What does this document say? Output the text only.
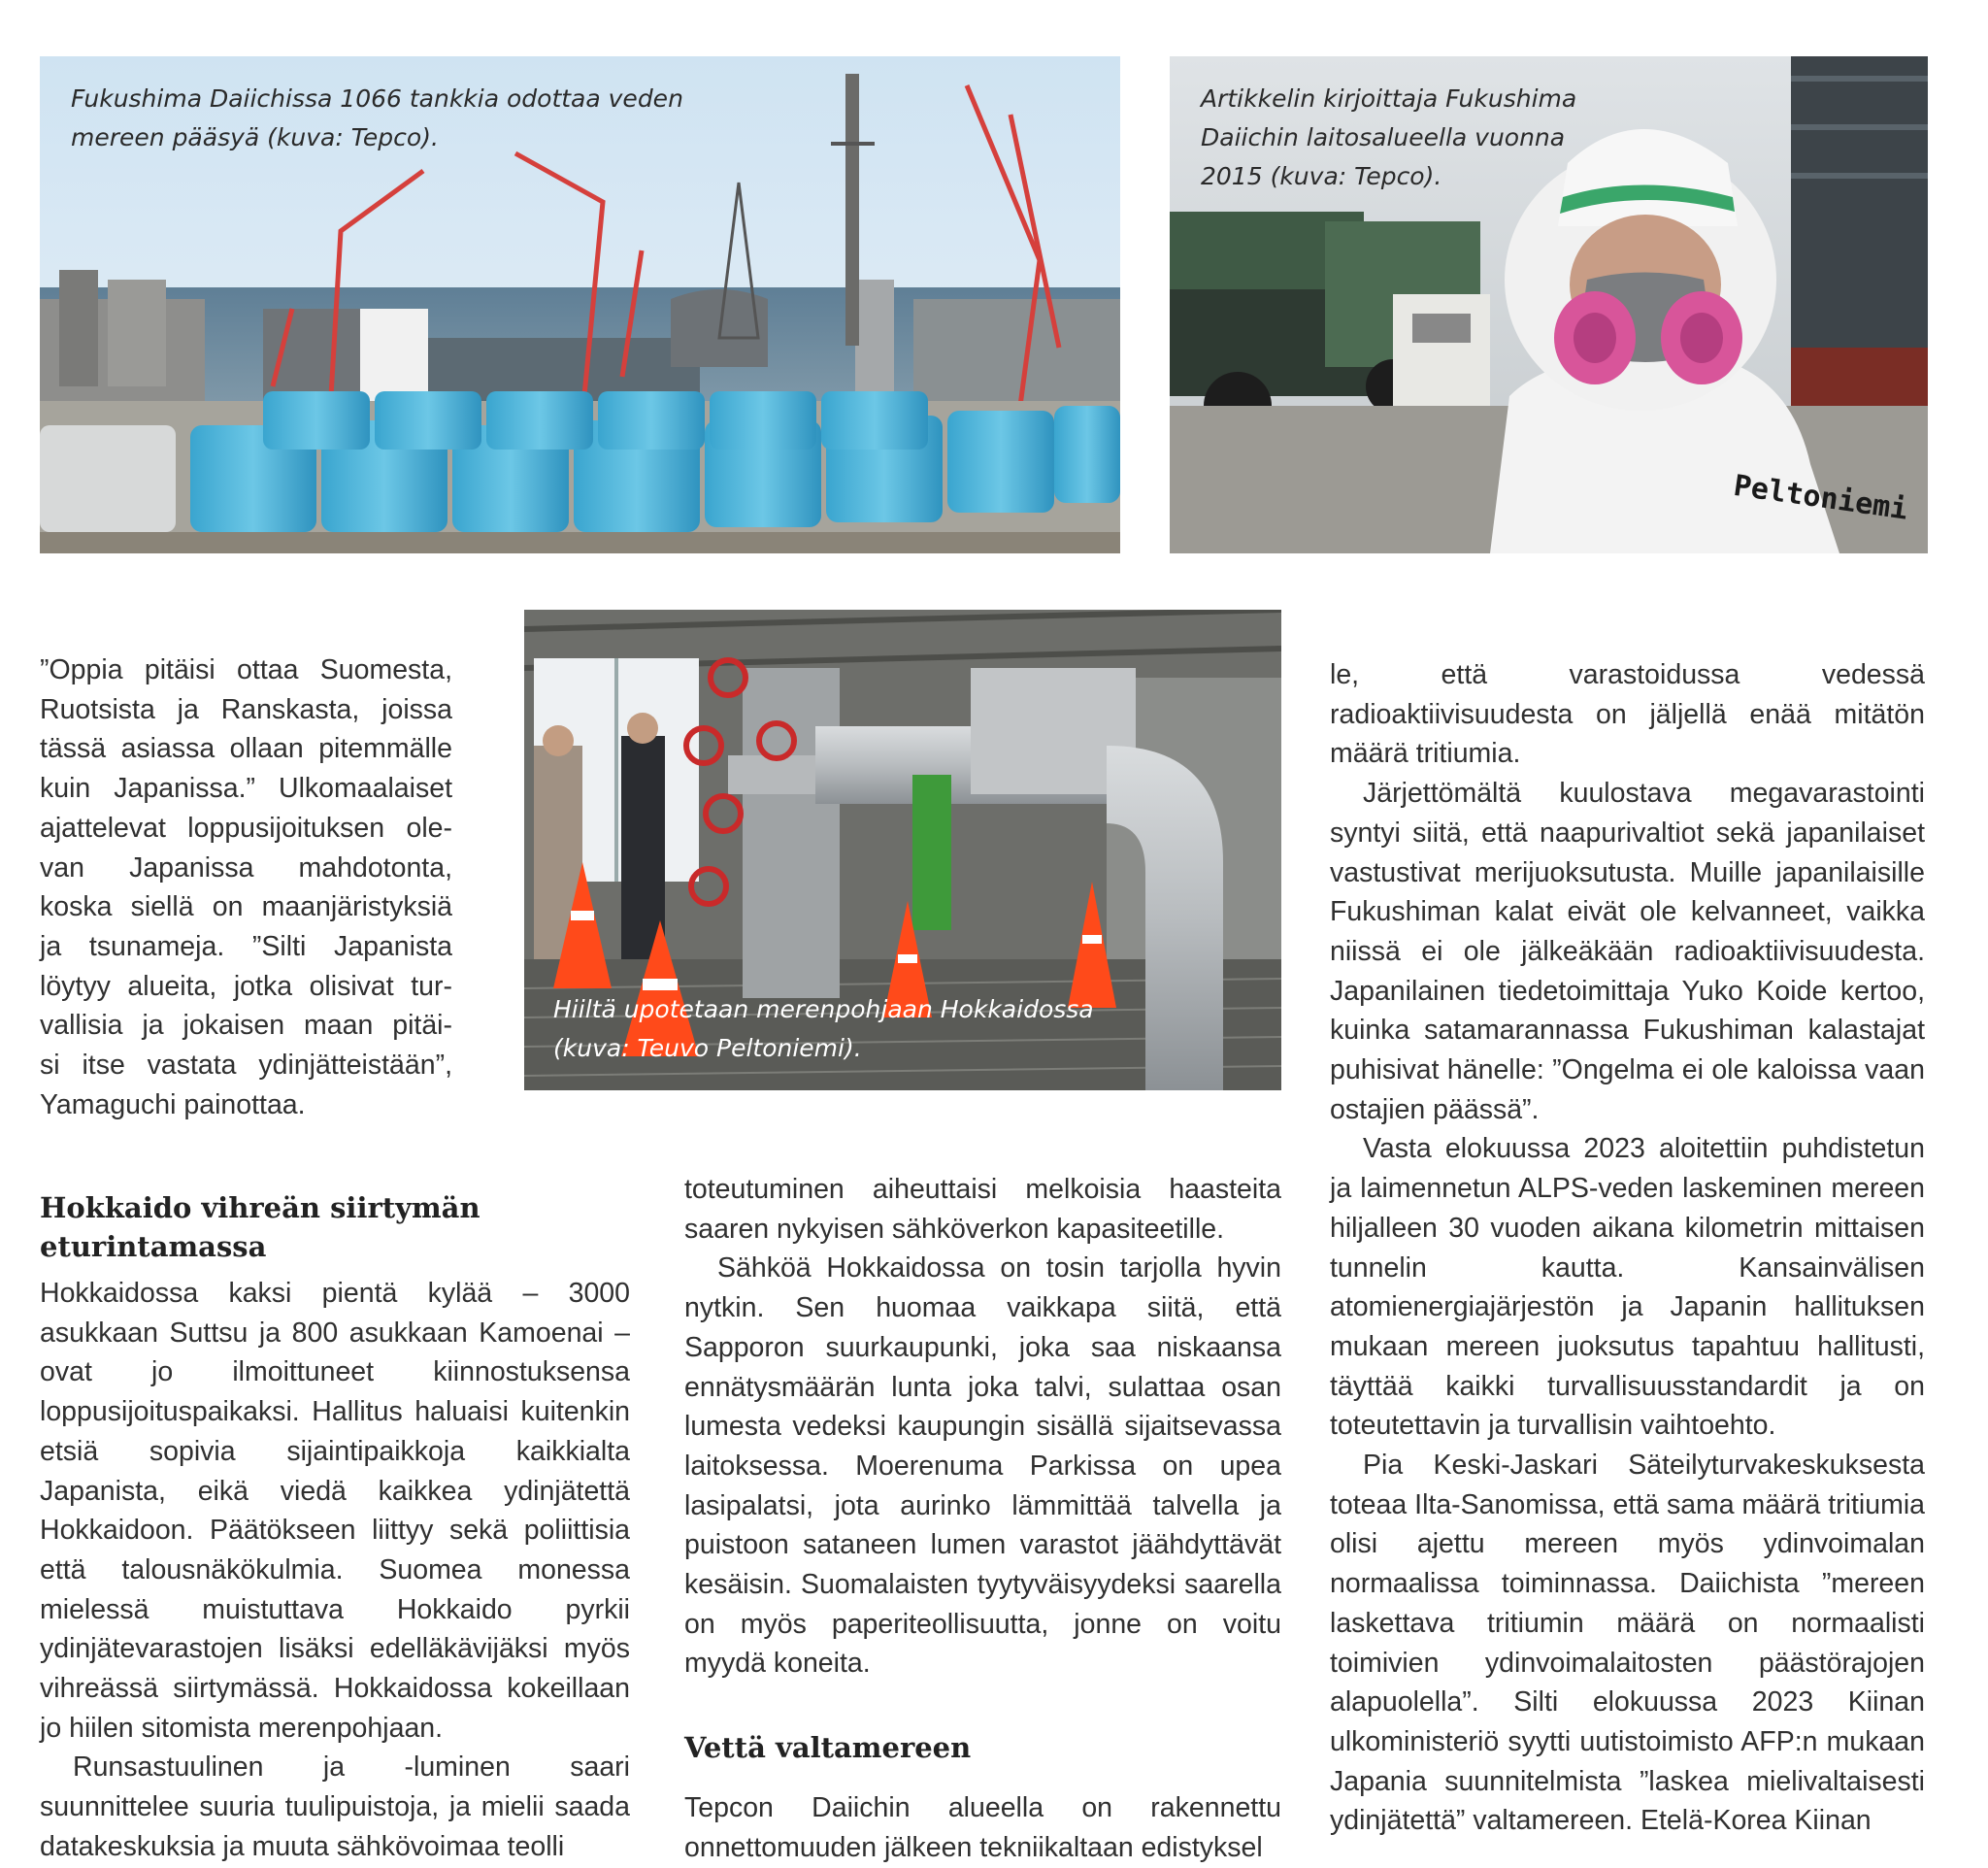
Fukushima Daiichissa 1066 tankkia odottaa veden
mereen pääsyä (kuva: Tepco).
Peltoniemi
Artikkelin kirjoittaja Fukushima
Daiichin laitosalueella vuonna
2015 (kuva: Tepco).
Hiiltä upotetaan merenpohjaan Hokkaidossa
(kuva: Teuvo Peltoniemi).

”Oppia pitäisi ottaa Suomesta,

Ruotsista ja Ranskasta, joissa

tässä asiassa ollaan pitemmälle

kuin Japanissa.” Ulkomaalaiset

ajattelevat loppusijoituksen ole-

van Japanissa mahdotonta,

koska siellä on maanjäristyksiä

ja tsunameja. ”Silti Japanista

löytyy alueita, jotka olisivat tur-

vallisia ja jokaisen maan pitäi-

si itse vastata ydinjätteistään”,

Yamaguchi painottaa.

Hokkaido vihreän siirtymän eturintamassa

Hokkaidossa kaksi pientä kylää – 3000 asukkaan Suttsu ja 800 asukkaan Kamoenai – ovat jo ilmoittuneet kiinnostuksensa loppusijoituspaikaksi. Hallitus haluaisi kuitenkin etsiä sopivia sijaintipaikkoja kaikkialta Japanista, eikä viedä kaikkea ydinjätettä Hokkaidoon. Päätökseen liittyy sekä poliittisia että talousnäkökulmia. Suomea monessa mielessä muistuttava Hokkaido pyrkii ydinjätevarastojen lisäksi edelläkävijäksi myös vihreässä siirtymässä. Hokkaidossa kokeillaan jo hiilen sitomista merenpohjaan.

Runsastuulinen ja -luminen saari suunnittelee suuria tuulipuistoja, ja mielii saada datakeskuksia ja muuta sähkövoimaa teolli

toteutuminen aiheuttaisi melkoisia haasteita saaren nykyisen sähköverkon kapasiteetille.

Sähköä Hokkaidossa on tosin tarjolla hyvin nytkin. Sen huomaa vaikkapa siitä, että Sapporon suurkaupunki, joka saa niskaansa ennätysmäärän lunta joka talvi, sulattaa osan lumesta vedeksi kaupungin sisällä sijaitsevassa laitoksessa. Moerenuma Parkissa on upea lasipalatsi, jota aurinko lämmittää talvella ja puistoon sataneen lumen varastot jäähdyttävät kesäisin. Suomalaisten tyytyväisyydeksi saarella on myös paperiteollisuutta, jonne on voitu myydä koneita.

Vettä valtamereen

Tepcon Daiichin alueella on rakennettu onnettomuuden jälkeen tekniikaltaan edistyksel

le, että varastoidussa vedessä radioaktiivisuudesta on jäljellä enää mitätön määrä tritiumia.

Järjettömältä kuulostava megavarastointi syntyi siitä, että naapurivaltiot sekä japanilaiset vastustivat merijuoksutusta. Muille japanilaisille Fukushiman kalat eivät ole kelvanneet, vaikka niissä ei ole jälkeäkään radioaktiivisuudesta. Japanilainen tiedetoimittaja Yuko Koide kertoo, kuinka satamarannassa Fukushiman kalastajat puhisivat hänelle: ”Ongelma ei ole kaloissa vaan ostajien päässä”.

Vasta elokuussa 2023 aloitettiin puhdistetun ja laimennetun ALPS-veden laskeminen mereen hiljalleen 30 vuoden aikana kilometrin mittaisen tunnelin kautta. Kansainvälisen atomienergiajärjestön ja Japanin hallituksen mukaan mereen juoksutus tapahtuu hallitusti, täyttää kaikki turvallisuusstandardit ja on toteutettavin ja turvallisin vaihtoehto.

Pia Keski-Jaskari Säteilyturvakeskuksesta toteaa Ilta-Sanomissa, että sama määrä tritiumia olisi ajettu mereen myös ydinvoimalan normaalissa toiminnassa. Daiichista ”mereen laskettava tritiumin määrä on normaalisti toimivien ydinvoimalaitosten päästörajojen alapuolella”. Silti elokuussa 2023 Kiinan ulkoministeriö syytti uutistoimisto AFP:n mukaan Japania suunnitelmista ”laskea mielivaltaisesti ydinjätettä” valtamereen. Etelä-Korea Kiinan
